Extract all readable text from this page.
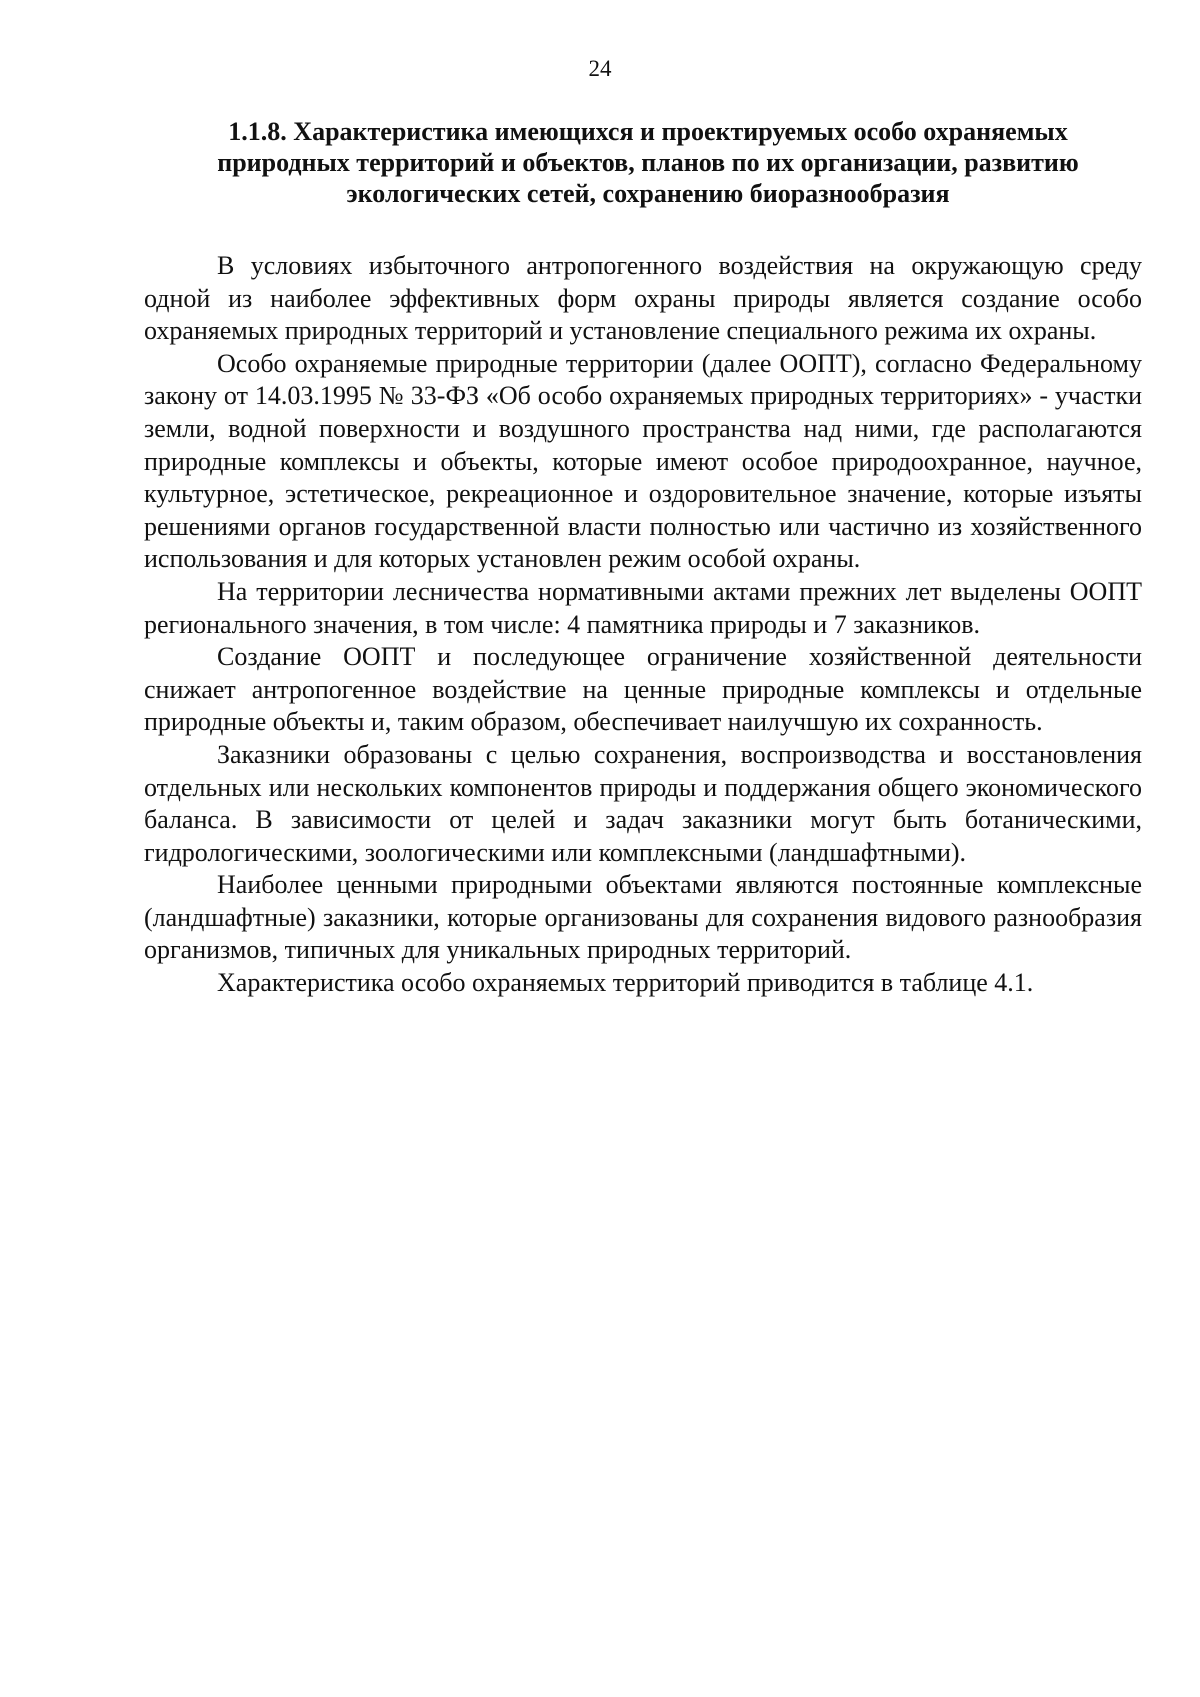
24
1.1.8. Характеристика имеющихся и проектируемых особо охраняемых природных территорий и объектов, планов по их организации, развитию экологических сетей, сохранению биоразнообразия

В условиях избыточного антропогенного воздействия на окружающую среду одной из наиболее эффективных форм охраны природы является создание особо охраняемых природных территорий и установление специального режима их охраны.

Особо охраняемые природные территории (далее ООПТ), согласно Федеральному закону от 14.03.1995 № 33-ФЗ «Об особо охраняемых природных территориях» - участки земли, водной поверхности и воздушного пространства над ними, где располагаются природные комплексы и объекты, которые имеют особое природоохранное, научное, культурное, эстетическое, рекреационное и оздоровительное значение, которые изъяты решениями органов государственной власти полностью или частично из хозяйственного использования и для которых установлен режим особой охраны.

На территории лесничества нормативными актами прежних лет выделены ООПТ регионального значения, в том числе: 4 памятника природы и 7 заказников.

Создание ООПТ и последующее ограничение хозяйственной деятельности снижает антропогенное воздействие на ценные природные комплексы и отдельные природные объекты и, таким образом, обеспечивает наилучшую их сохранность.

Заказники образованы с целью сохранения, воспроизводства и восстановления отдельных или нескольких компонентов природы и поддержания общего экономического баланса. В зависимости от целей и задач заказники могут быть ботаническими, гидрологическими, зоологическими или комплексными (ландшафтными).

Наиболее ценными природными объектами являются постоянные комплексные (ландшафтные) заказники, которые организованы для сохранения видового разнообразия организмов, типичных для уникальных природных территорий.

Характеристика особо охраняемых территорий приводится в таблице 4.1.
